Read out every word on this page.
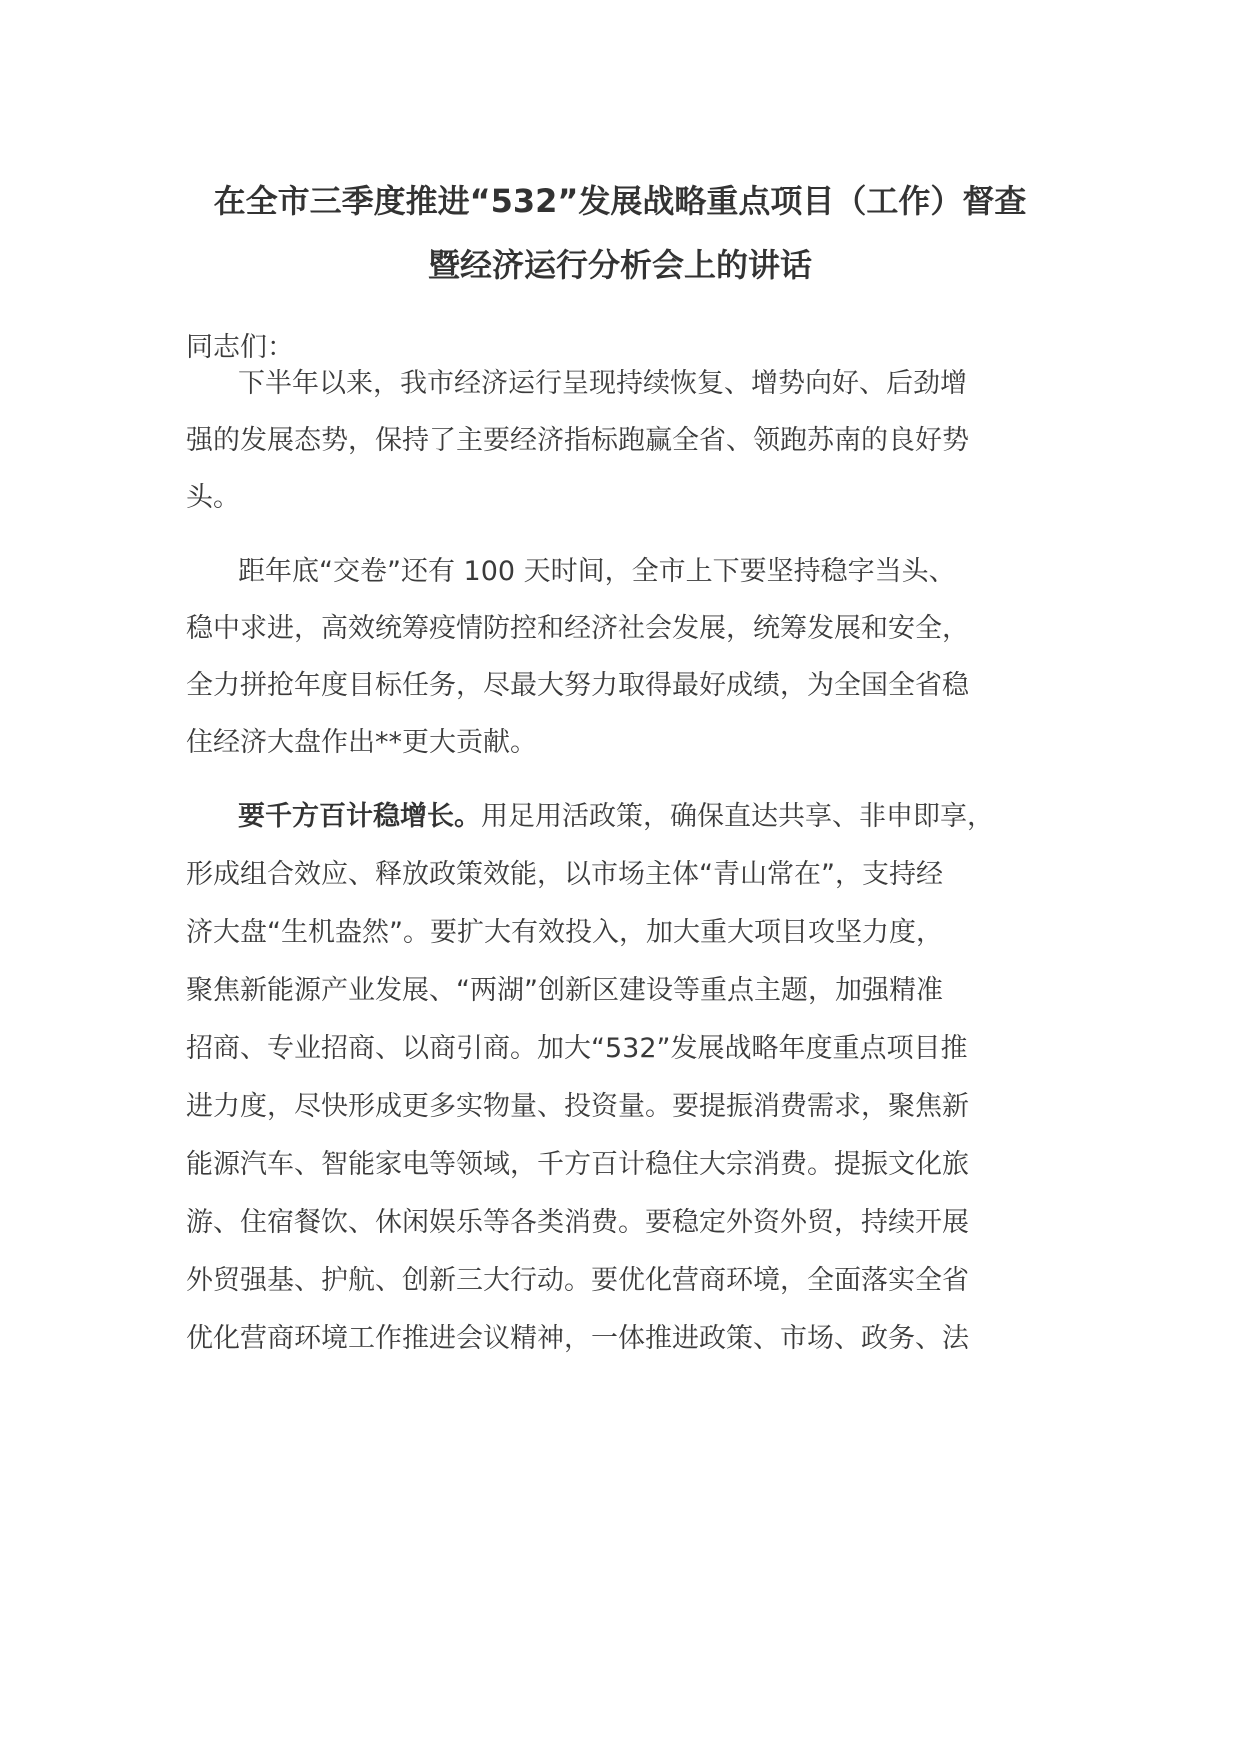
在全市三季度推进“532”发展战略重点项目（工作）督查
暨经济运行分析会上的讲话

同志们：

下半年以来，我市经济运行呈现持续恢复、增势向好、后劲增

强的发展态势，保持了主要经济指标跑赢全省、领跑苏南的良好势

头。

距年底“交卷”还有 100 天时间，全市上下要坚持稳字当头、

稳中求进，高效统筹疫情防控和经济社会发展，统筹发展和安全，

全力拼抢年度目标任务，尽最大努力取得最好成绩，为全国全省稳

住经济大盘作出**更大贡献。

要千方百计稳增长。用足用活政策，确保直达共享、非申即享，

形成组合效应、释放政策效能，以市场主体“青山常在”，支持经

济大盘“生机盎然”。要扩大有效投入，加大重大项目攻坚力度，

聚焦新能源产业发展、“两湖”创新区建设等重点主题，加强精准

招商、专业招商、以商引商。加大“532”发展战略年度重点项目推

进力度，尽快形成更多实物量、投资量。要提振消费需求，聚焦新

能源汽车、智能家电等领域，千方百计稳住大宗消费。提振文化旅

游、住宿餐饮、休闲娱乐等各类消费。要稳定外资外贸，持续开展

外贸强基、护航、创新三大行动。要优化营商环境，全面落实全省

优化营商环境工作推进会议精神，一体推进政策、市场、政务、法
